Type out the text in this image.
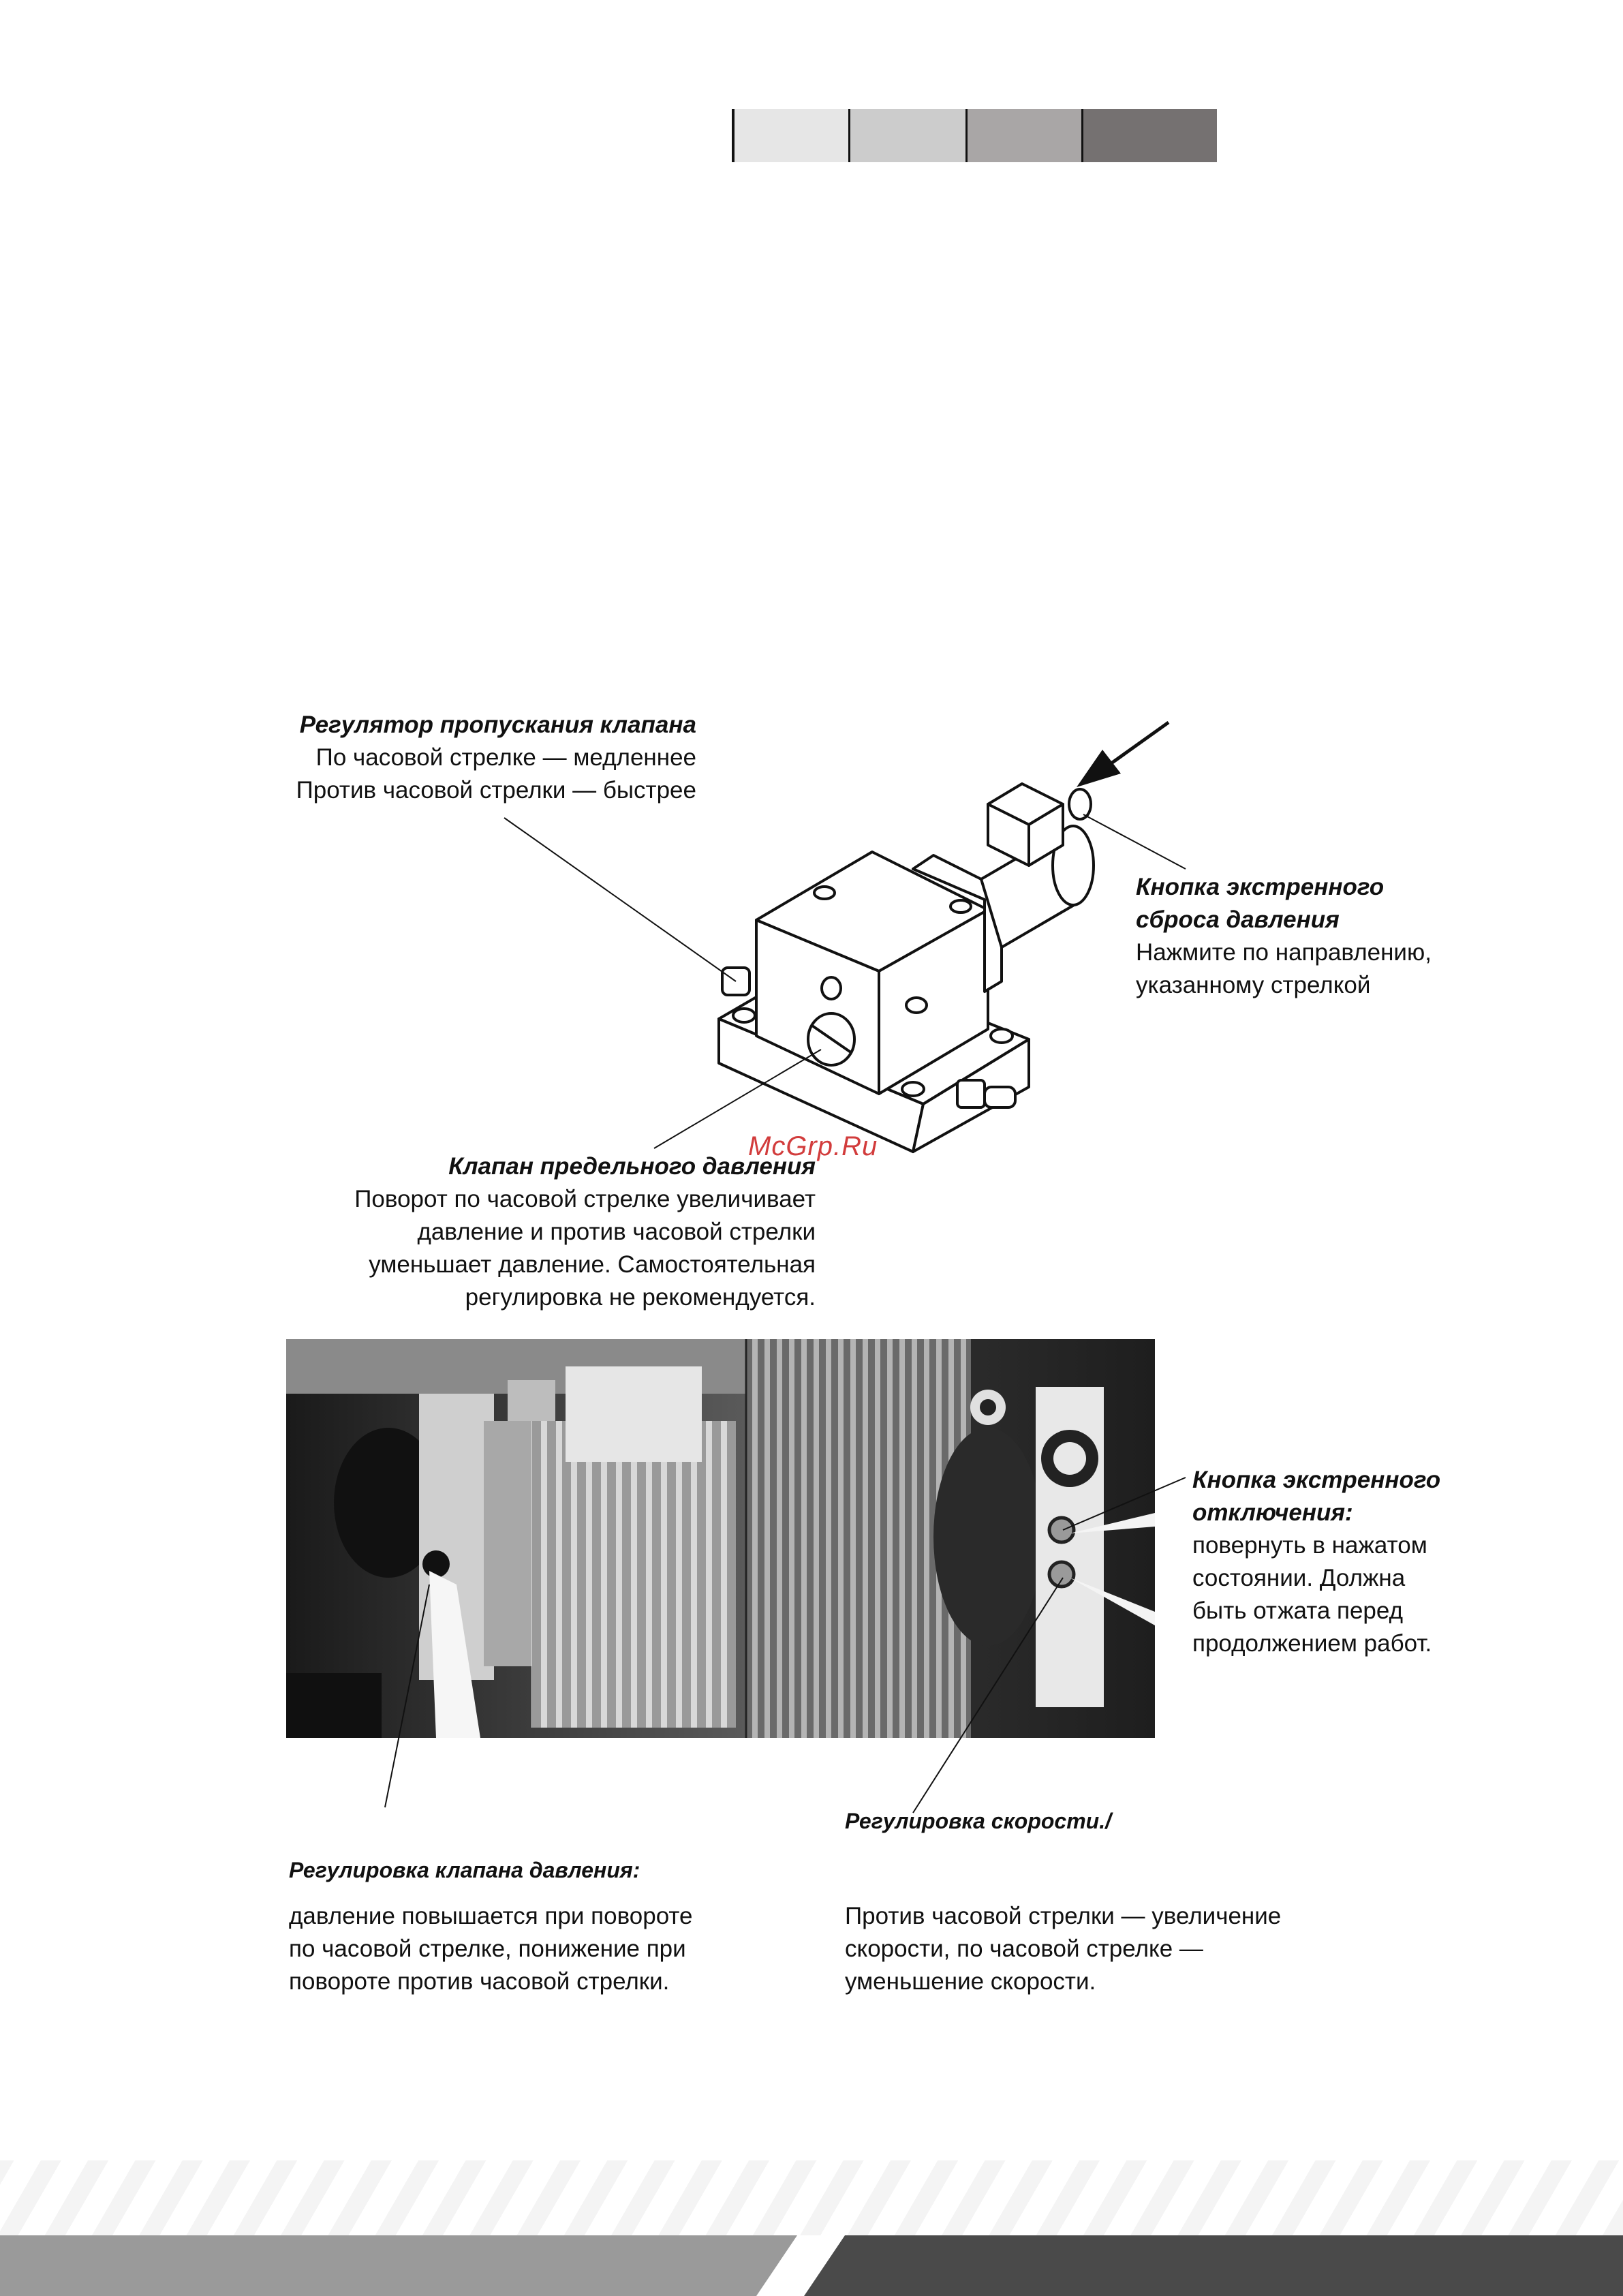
Регулятор пропускания клапана
По часовой стрелке — медленнее
Против часовой стрелки — быстрее
Кнопка экстренного
сброса давления
Нажмите по направлению,
указанному стрелкой
McGrp.Ru
Клапан предельного давления
Поворот по часовой стрелке увеличивает
давление и против часовой стрелки
уменьшает давление. Самостоятельная
регулировка не рекомендуется.
Кнопка экстренного
отключения:
повернуть в нажатом
состоянии. Должна
быть отжата перед
продолжением работ.
Регулировка скорости./
Против часовой стрелки — увеличение
скорости, по часовой стрелке —
уменьшение скорости.
Регулировка клапана давления:
давление повышается при повороте
по часовой стрелке, понижение при
повороте против часовой стрелки.
